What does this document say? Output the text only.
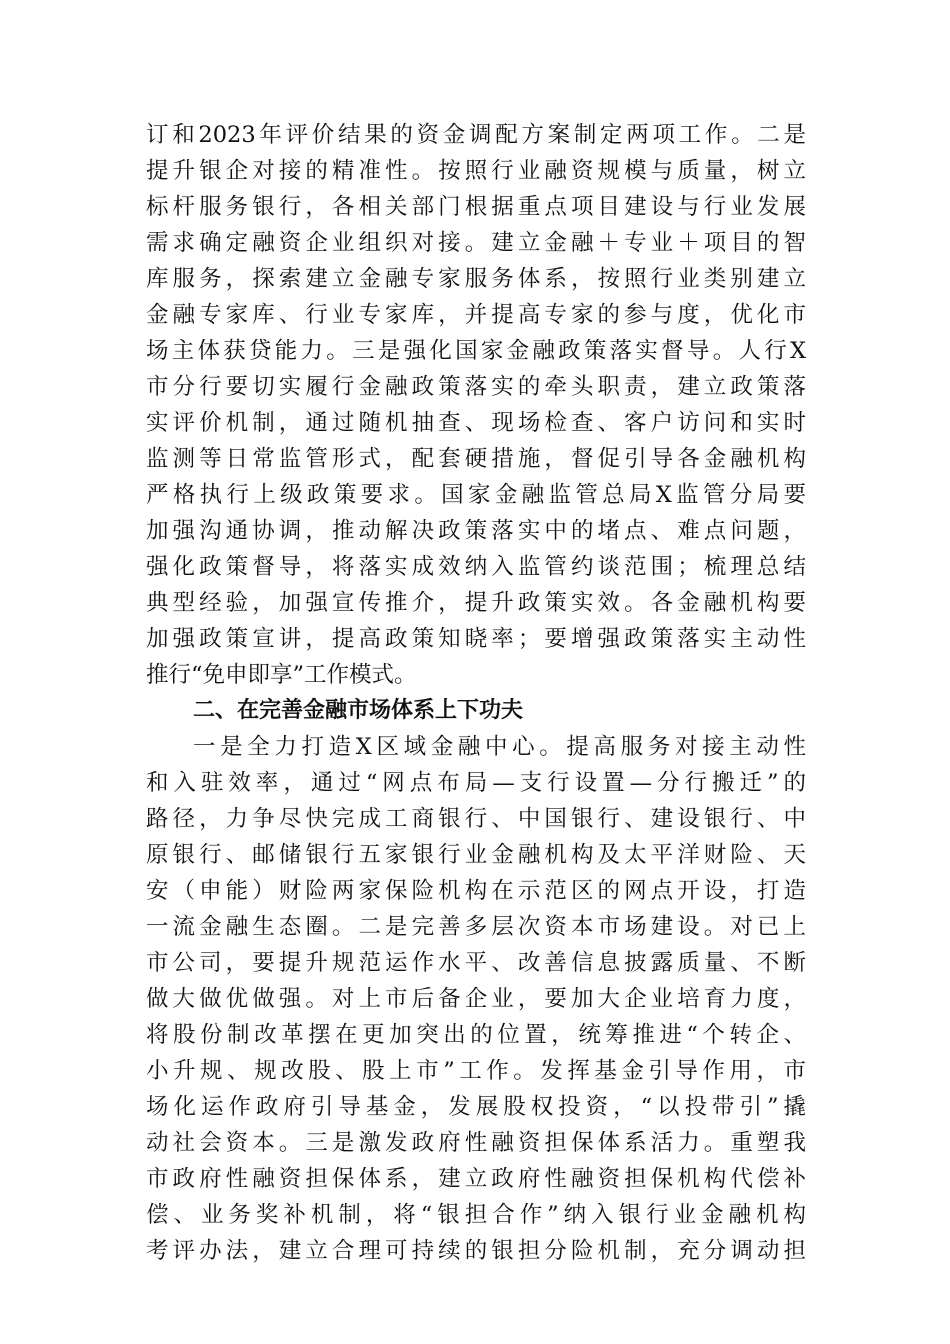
订和2023年评价结果的资金调配方案制定两项工作。二是
提升银企对接的精准性。按照行业融资规模与质量，树立
标杆服务银行，各相关部门根据重点项目建设与行业发展
需求确定融资企业组织对接。建立金融＋专业＋项目的智
库服务，探索建立金融专家服务体系，按照行业类别建立
金融专家库、行业专家库，并提高专家的参与度，优化市
场主体获贷能力。三是强化国家金融政策落实督导。人行X
市分行要切实履行金融政策落实的牵头职责，建立政策落
实评价机制，通过随机抽查、现场检查、客户访问和实时
监测等日常监管形式，配套硬措施，督促引导各金融机构
严格执行上级政策要求。国家金融监管总局X监管分局要
加强沟通协调，推动解决政策落实中的堵点、难点问题，
强化政策督导，将落实成效纳入监管约谈范围；梳理总结
典型经验，加强宣传推介，提升政策实效。各金融机构要
加强政策宣讲，提高政策知晓率；要增强政策落实主动性
推行“免申即享”工作模式。
二、在完善金融市场体系上下功夫
一是全力打造X区域金融中心。提高服务对接主动性
和入驻效率，通过“网点布局—支行设置—分行搬迁”的
路径，力争尽快完成工商银行、中国银行、建设银行、中
原银行、邮储银行五家银行业金融机构及太平洋财险、天
安（申能）财险两家保险机构在示范区的网点开设，打造
一流金融生态圈。二是完善多层次资本市场建设。对已上
市公司，要提升规范运作水平、改善信息披露质量、不断
做大做优做强。对上市后备企业，要加大企业培育力度，
将股份制改革摆在更加突出的位置，统筹推进“个转企、
小升规、规改股、股上市”工作。发挥基金引导作用，市
场化运作政府引导基金，发展股权投资，“以投带引”撬
动社会资本。三是激发政府性融资担保体系活力。重塑我
市政府性融资担保体系，建立政府性融资担保机构代偿补
偿、业务奖补机制，将“银担合作”纳入银行业金融机构
考评办法，建立合理可持续的银担分险机制，充分调动担
